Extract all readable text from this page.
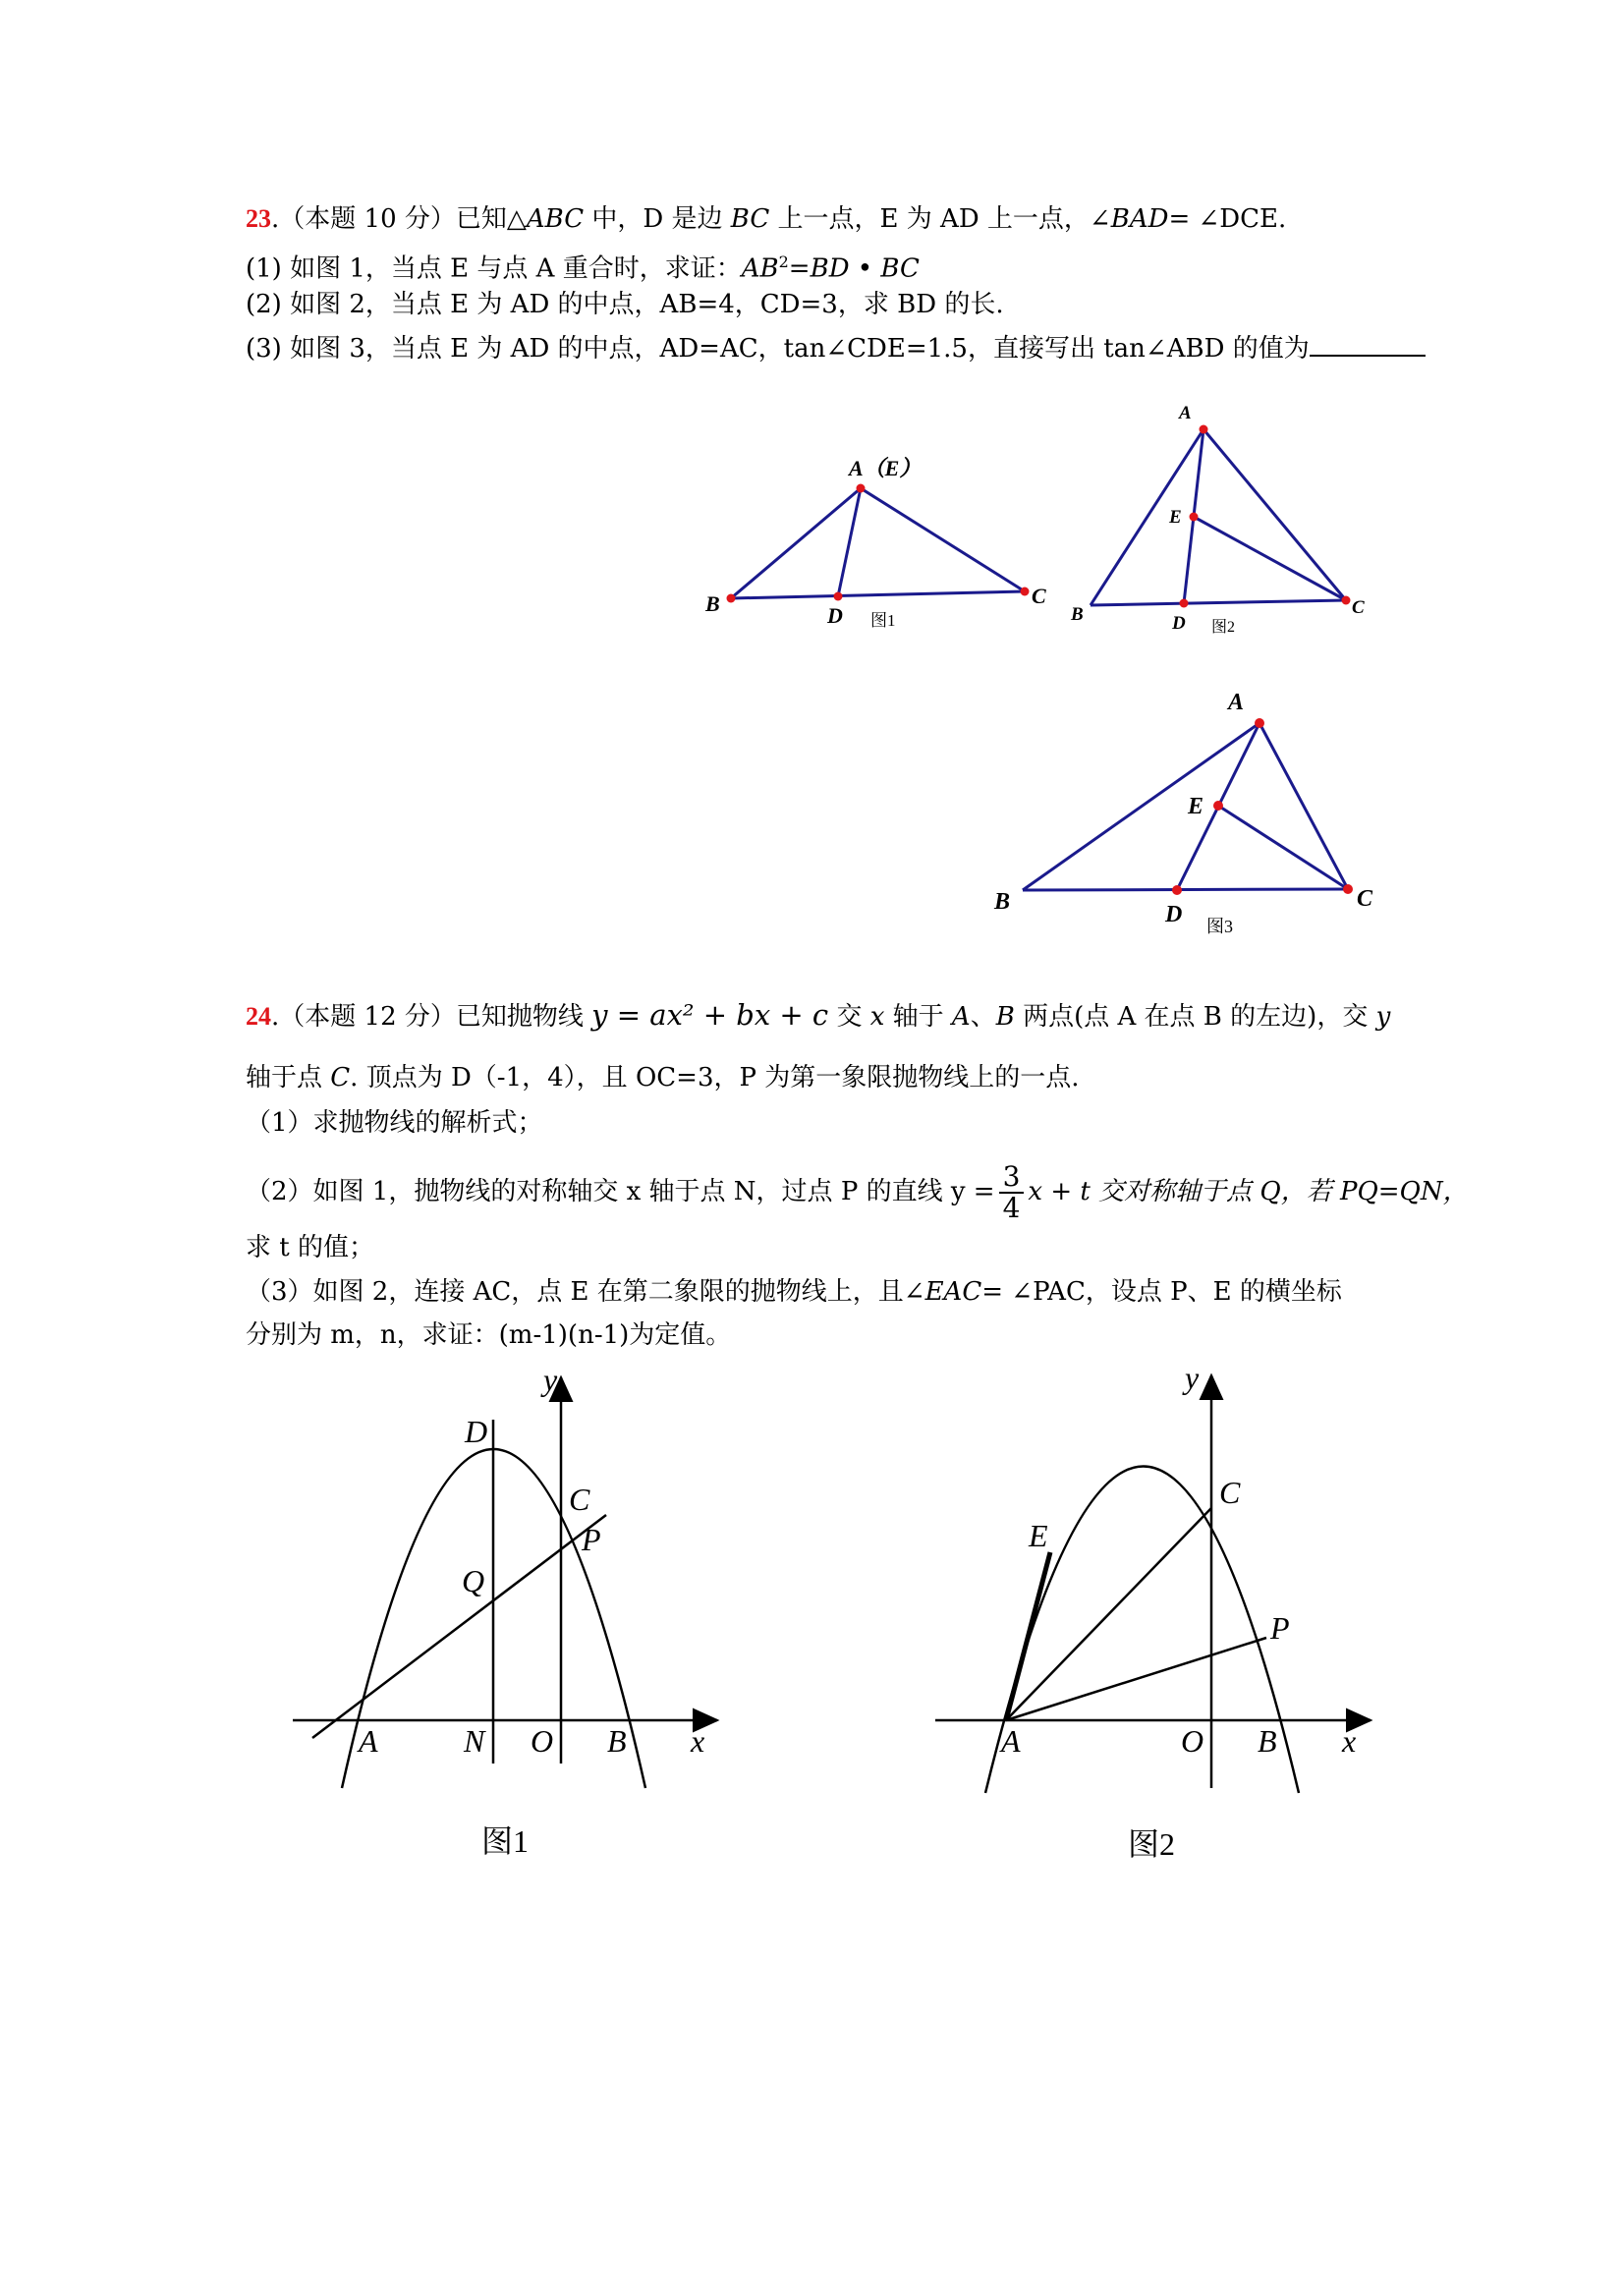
23.（本题 10 分）已知△ABC 中，D 是边 BC 上一点，E 为 AD 上一点，∠BAD= ∠DCE.
(1) 如图 1，当点 E 与点 A 重合时，求证：$AB^2=BD$ • BC
(2) 如图 2，当点 E 为 AD 的中点，AB=4，CD=3，求 BD 的长.
(3) 如图 3，当点 E 为 AD 的中点，AD=AC，tan∠CDE=1.5，直接写出 tan∠ABD 的值为
24.（本题 12 分）已知抛物线 y = ax² + bx + c 交 x 轴于 A、B 两点(点 A 在点 B 的左边)，交 y
轴于点 C. 顶点为 D（-1，4），且 OC=3，P 为第一象限抛物线上的一点.
（1）求抛物线的解析式；
（2）如图 1，抛物线的对称轴交 x 轴于点 N，过点 P 的直线 $y = \frac{3}{4}$ x + t 交对称轴于点 Q，若 PQ=QN，
求 t 的值；
（3）如图 2，连接 AC，点 E 在第二象限的抛物线上，且∠EAC= ∠PAC，设点 P、E 的横坐标
分别为 m，n，求证：(m-1)(n-1)为定值。
A（E）
B	C
D 图1
A
E
B	C
D 图2
A
E
B	C
D 图3
y
x
D
C
P
Q
A	N O B
图1
y
x
C
E
P
A	O B
图2
